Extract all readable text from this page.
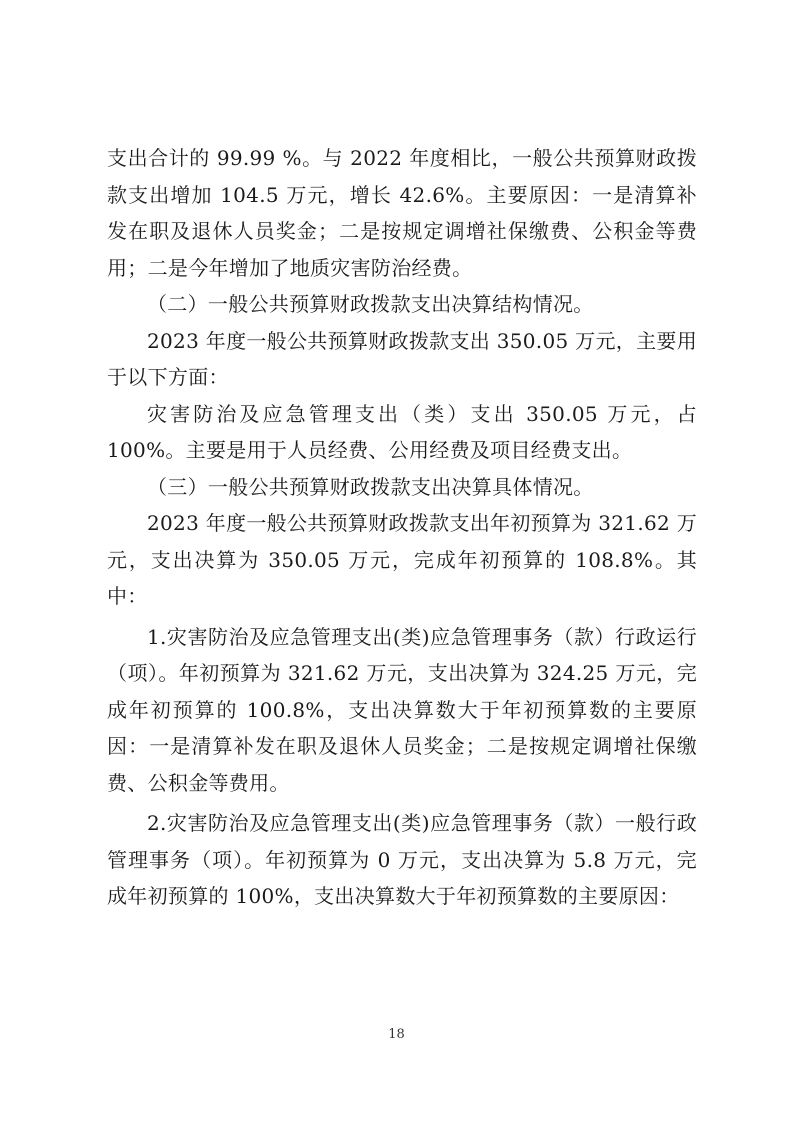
支出合计的 99.99 %。与 2022 年度相比，一般公共预算财政拨款支出增加 104.5 万元，增长 42.6%。主要原因：一是清算补发在职及退休人员奖金；二是按规定调增社保缴费、公积金等费用；二是今年增加了地质灾害防治经费。

（二）一般公共预算财政拨款支出决算结构情况。

2023 年度一般公共预算财政拨款支出 350.05 万元，主要用于以下方面：

灾害防治及应急管理支出（类）支出 350.05 万元，占 100%。主要是用于人员经费、公用经费及项目经费支出。

（三）一般公共预算财政拨款支出决算具体情况。

2023 年度一般公共预算财政拨款支出年初预算为 321.62 万元，支出决算为 350.05 万元，完成年初预算的 108.8%。其中：

1.灾害防治及应急管理支出(类)应急管理事务（款）行政运行（项）。年初预算为 321.62 万元，支出决算为 324.25 万元，完成年初预算的 100.8%，支出决算数大于年初预算数的主要原因：一是清算补发在职及退休人员奖金；二是按规定调增社保缴费、公积金等费用。

2.灾害防治及应急管理支出(类)应急管理事务（款）一般行政管理事务（项）。年初预算为 0 万元，支出决算为 5.8 万元，完成年初预算的 100%，支出决算数大于年初预算数的主要原因：

18
